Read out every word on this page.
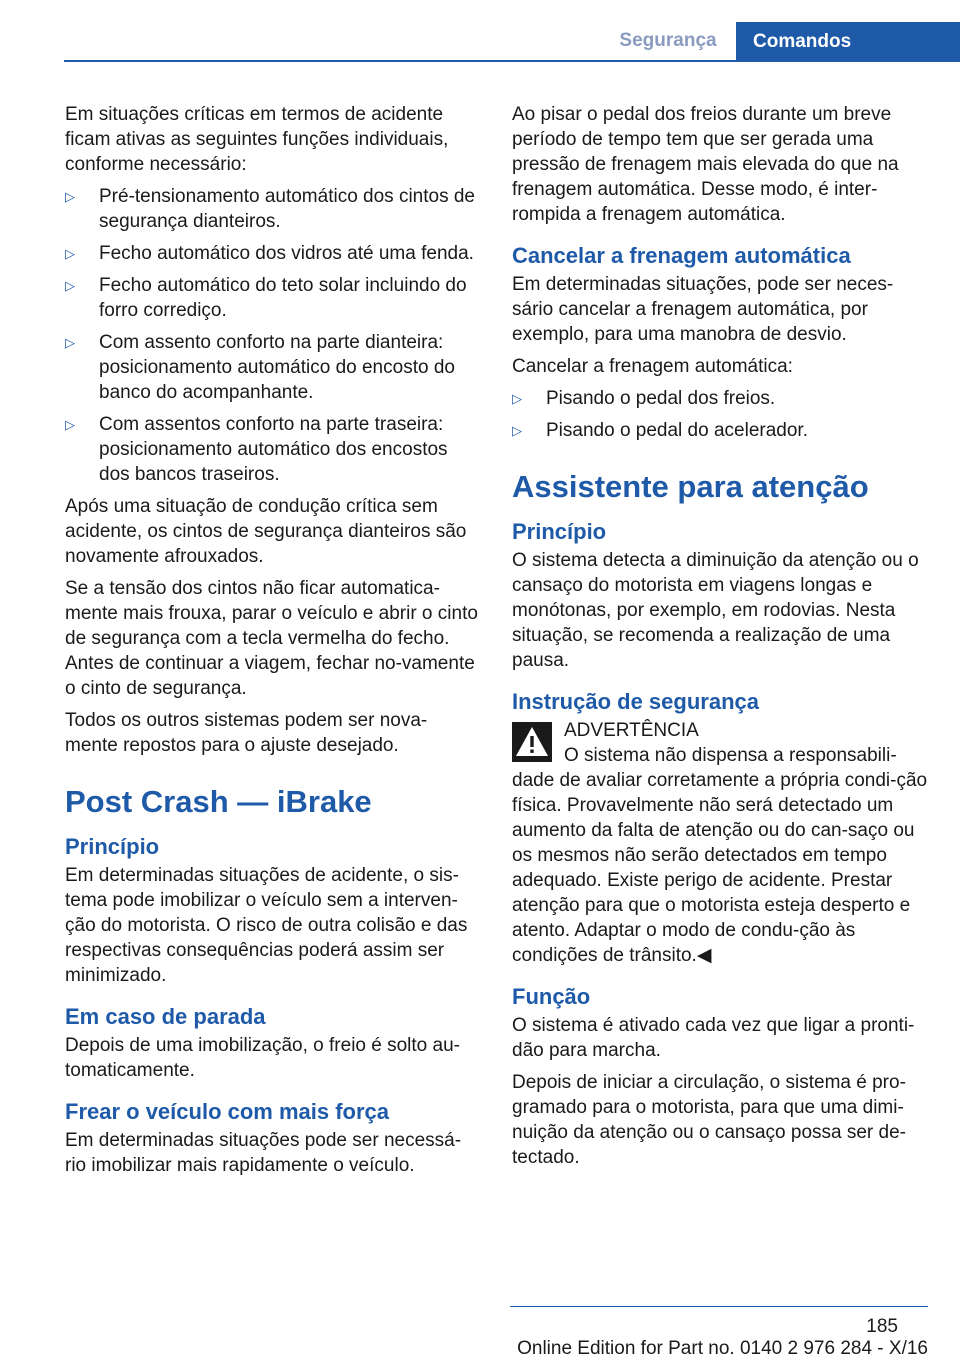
Segurança	Comandos

Em situações críticas em termos de acidente ficam ativas as seguintes funções individuais, conforme necessário:

▷	Pré-tensionamento automático dos cintos de segurança dianteiros.
▷	Fecho automático dos vidros até uma fenda.
▷	Fecho automático do teto solar incluindo do forro corrediço.
▷	Com assento conforto na parte dianteira: posicionamento automático do encosto do banco do acompanhante.
▷	Com assentos conforto na parte traseira: posicionamento automático dos encostos dos bancos traseiros.

Após uma situação de condução crítica sem acidente, os cintos de segurança dianteiros são novamente afrouxados.

Se a tensão dos cintos não ficar automatica-mente mais frouxa, parar o veículo e abrir o cinto de segurança com a tecla vermelha do fecho. Antes de continuar a viagem, fechar no-vamente o cinto de segurança.

Todos os outros sistemas podem ser nova-mente repostos para o ajuste desejado.

Post Crash — iBrake
Princípio

Em determinadas situações de acidente, o sis-tema pode imobilizar o veículo sem a interven-ção do motorista. O risco de outra colisão e das respectivas consequências poderá assim ser minimizado.

Em caso de parada

Depois de uma imobilização, o freio é solto au-tomaticamente.

Frear o veículo com mais força

Em determinadas situações pode ser necessá-rio imobilizar mais rapidamente o veículo.

Ao pisar o pedal dos freios durante um breve período de tempo tem que ser gerada uma pressão de frenagem mais elevada do que na frenagem automática. Desse modo, é inter-rompida a frenagem automática.

Cancelar a frenagem automática

Em determinadas situações, pode ser neces-sário cancelar a frenagem automática, por exemplo, para uma manobra de desvio.

Cancelar a frenagem automática:

▷	Pisando o pedal dos freios.
▷	Pisando o pedal do acelerador.
Assistente para atenção
Princípio

O sistema detecta a diminuição da atenção ou o cansaço do motorista em viagens longas e monótonas, por exemplo, em rodovias. Nesta situação, se recomenda a realização de uma pausa.

Instrução de segurança
ADVERTÊNCIA
O sistema não dispensa a responsabili-

dade de avaliar corretamente a própria condi-ção física. Provavelmente não será detectado um aumento da falta de atenção ou do can-saço ou os mesmos não serão detectados em tempo adequado. Existe perigo de acidente. Prestar atenção para que o motorista esteja desperto e atento. Adaptar o modo de condu-ção às condições de trânsito.◀

Função

O sistema é ativado cada vez que ligar a pronti-dão para marcha.

Depois de iniciar a circulação, o sistema é pro-gramado para o motorista, para que uma dimi-nuição da atenção ou o cansaço possa ser de-tectado.

185
Online Edition for Part no. 0140 2 976 284 - X/16
